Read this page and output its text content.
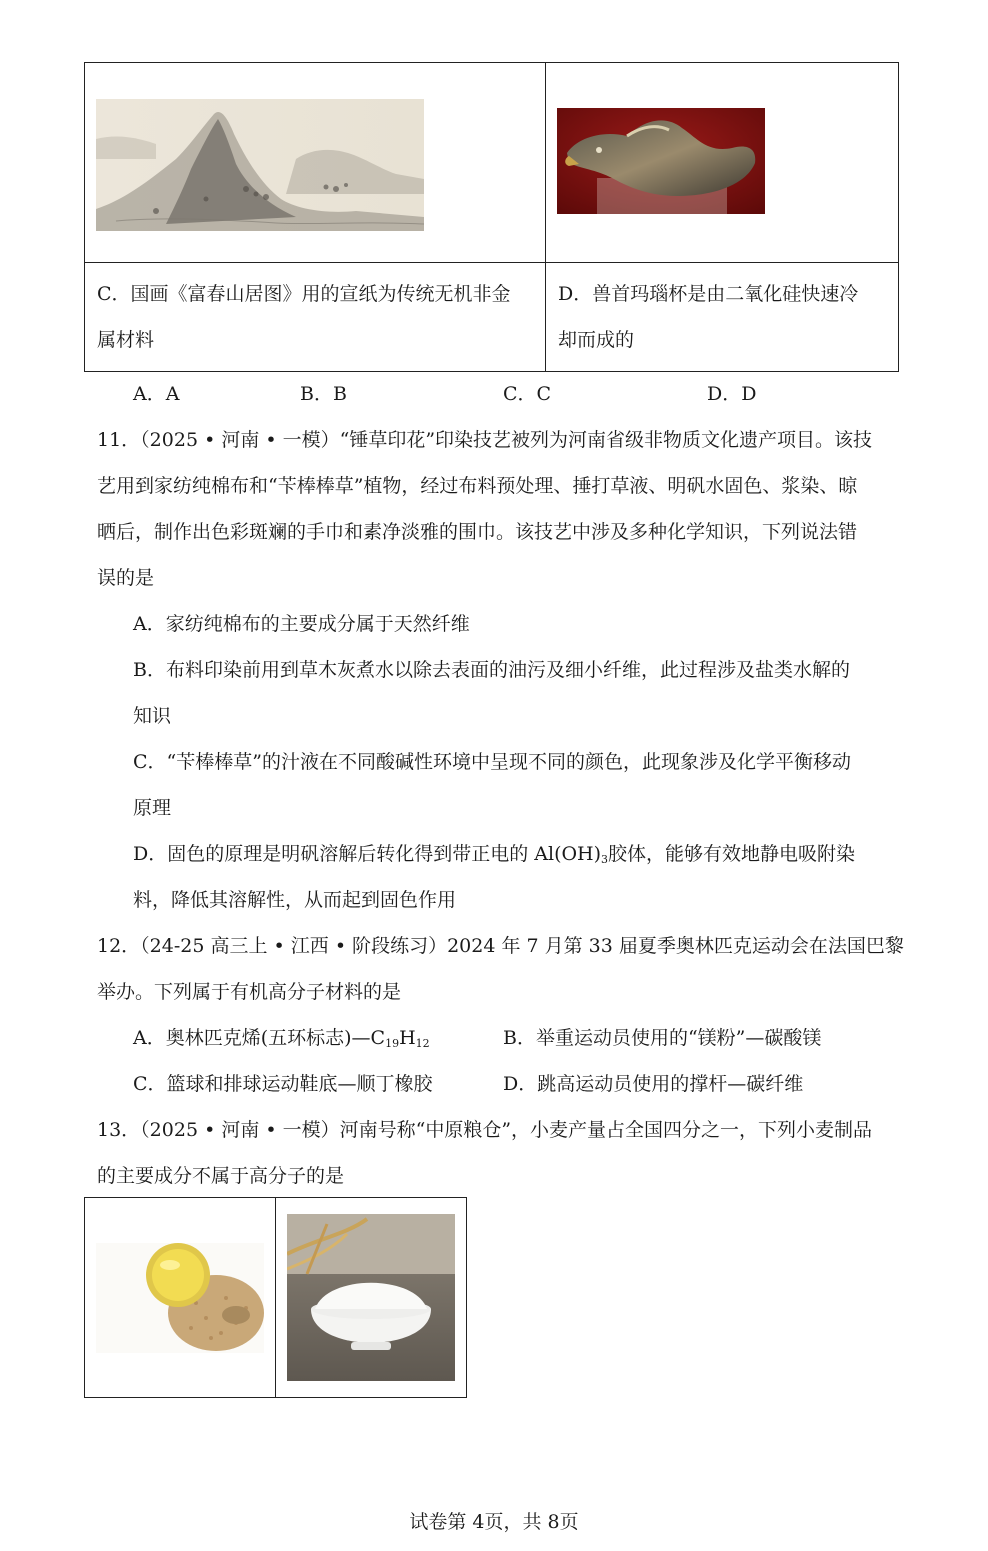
C．国画《富春山居图》用的宣纸为传统无机非金
属材料
D．兽首玛瑙杯是由二氧化硅快速冷
却而成的
A．A	B．B	C．C	D．D
11．（2025 • 河南 • 一模）“锤草印花”印染技艺被列为河南省级非物质文化遗产项目。该技
艺用到家纺纯棉布和“苄棒棒草”植物，经过布料预处理、捶打草液、明矾水固色、浆染、晾
晒后，制作出色彩斑斓的手巾和素净淡雅的围巾。该技艺中涉及多种化学知识，下列说法错
误的是
A．家纺纯棉布的主要成分属于天然纤维
B．布料印染前用到草木灰煮水以除去表面的油污及细小纤维，此过程涉及盐类水解的
知识
C．“苄棒棒草”的汁液在不同酸碱性环境中呈现不同的颜色，此现象涉及化学平衡移动
原理
D．固色的原理是明矾溶解后转化得到带正电的 $Al(OH)_3$胶体，能够有效地静电吸附染
料，降低其溶解性，从而起到固色作用
12．（24-25 高三上 • 江西 • 阶段练习）2024 年 7 月第 33 届夏季奥林匹克运动会在法国巴黎
举办。下列属于有机高分子材料的是
A．奥林匹克烯(五环标志)$—C_{19}H_{12}$	B．举重运动员使用的“镁粉”—碳酸镁
C．篮球和排球运动鞋底—顺丁橡胶	D．跳高运动员使用的撑杆—碳纤维
13．（2025 • 河南 • 一模）河南号称“中原粮仓”，小麦产量占全国四分之一，下列小麦制品
的主要成分不属于高分子的是

试卷第 4页，共 8页
